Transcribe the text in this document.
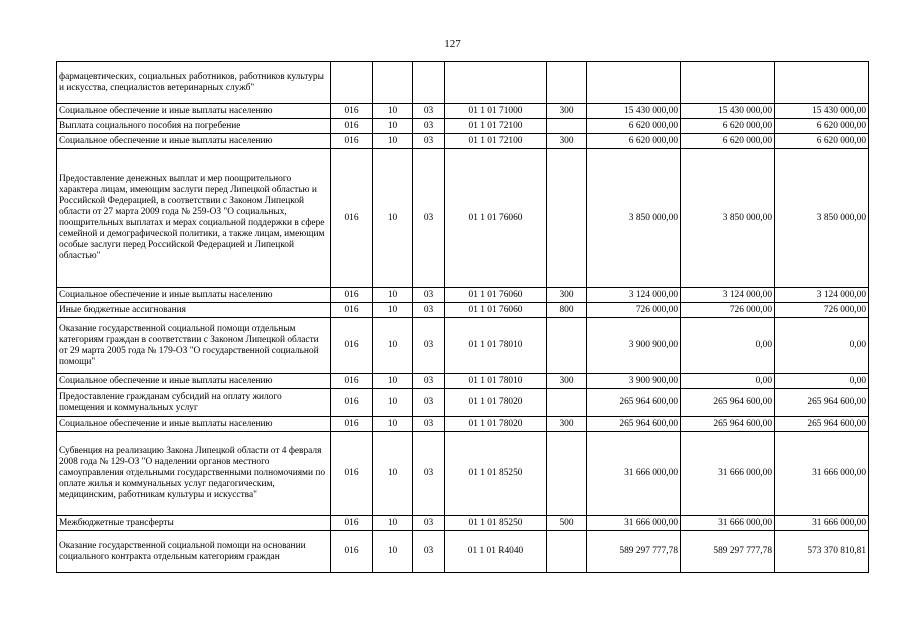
127
фармацевтических, социальных работников, работников культуры и искусства, специалистов ветеринарных служб"								
Социальное обеспечение и иные выплаты населению	016	10	03	01 1 01 71000	300	15 430 000,00	15 430 000,00	15 430 000,00
Выплата социального пособия на погребение	016	10	03	01 1 01 72100		6 620 000,00	6 620 000,00	6 620 000,00
Социальное обеспечение и иные выплаты населению	016	10	03	01 1 01 72100	300	6 620 000,00	6 620 000,00	6 620 000,00
Предоставление денежных выплат и мер поощрительного характера лицам, имеющим заслуги перед Липецкой областью и Российской Федерацией, в соответствии с Законом Липецкой области от 27 марта 2009 года № 259-ОЗ "О социальных, поощрительных выплатах и мерах социальной поддержки в сфере семейной и демографической политики, а также лицам, имеющим особые заслуги перед Российской Федерацией и Липецкой областью"	016	10	03	01 1 01 76060		3 850 000,00	3 850 000,00	3 850 000,00
Социальное обеспечение и иные выплаты населению	016	10	03	01 1 01 76060	300	3 124 000,00	3 124 000,00	3 124 000,00
Иные бюджетные ассигнования	016	10	03	01 1 01 76060	800	726 000,00	726 000,00	726 000,00
Оказание государственной социальной помощи отдельным категориям граждан в соответствии с Законом Липецкой области от 29 марта 2005 года № 179-ОЗ "О государственной социальной помощи"	016	10	03	01 1 01 78010		3 900 900,00	0,00	0,00
Социальное обеспечение и иные выплаты населению	016	10	03	01 1 01 78010	300	3 900 900,00	0,00	0,00
Предоставление гражданам субсидий на оплату жилого помещения и коммунальных услуг	016	10	03	01 1 01 78020		265 964 600,00	265 964 600,00	265 964 600,00
Социальное обеспечение и иные выплаты населению	016	10	03	01 1 01 78020	300	265 964 600,00	265 964 600,00	265 964 600,00
Субвенция на реализацию Закона Липецкой области от 4 февраля 2008 года № 129-ОЗ "О наделении органов местного самоуправления отдельными государственными полномочиями по оплате жилья и коммунальных услуг педагогическим, медицинским, работникам культуры и искусства"	016	10	03	01 1 01 85250		31 666 000,00	31 666 000,00	31 666 000,00
Межбюджетные трансферты	016	10	03	01 1 01 85250	500	31 666 000,00	31 666 000,00	31 666 000,00
Оказание государственной социальной помощи на основании социального контракта отдельным категориям граждан	016	10	03	01 1 01 R4040		589 297 777,78	589 297 777,78	573 370 810,81
